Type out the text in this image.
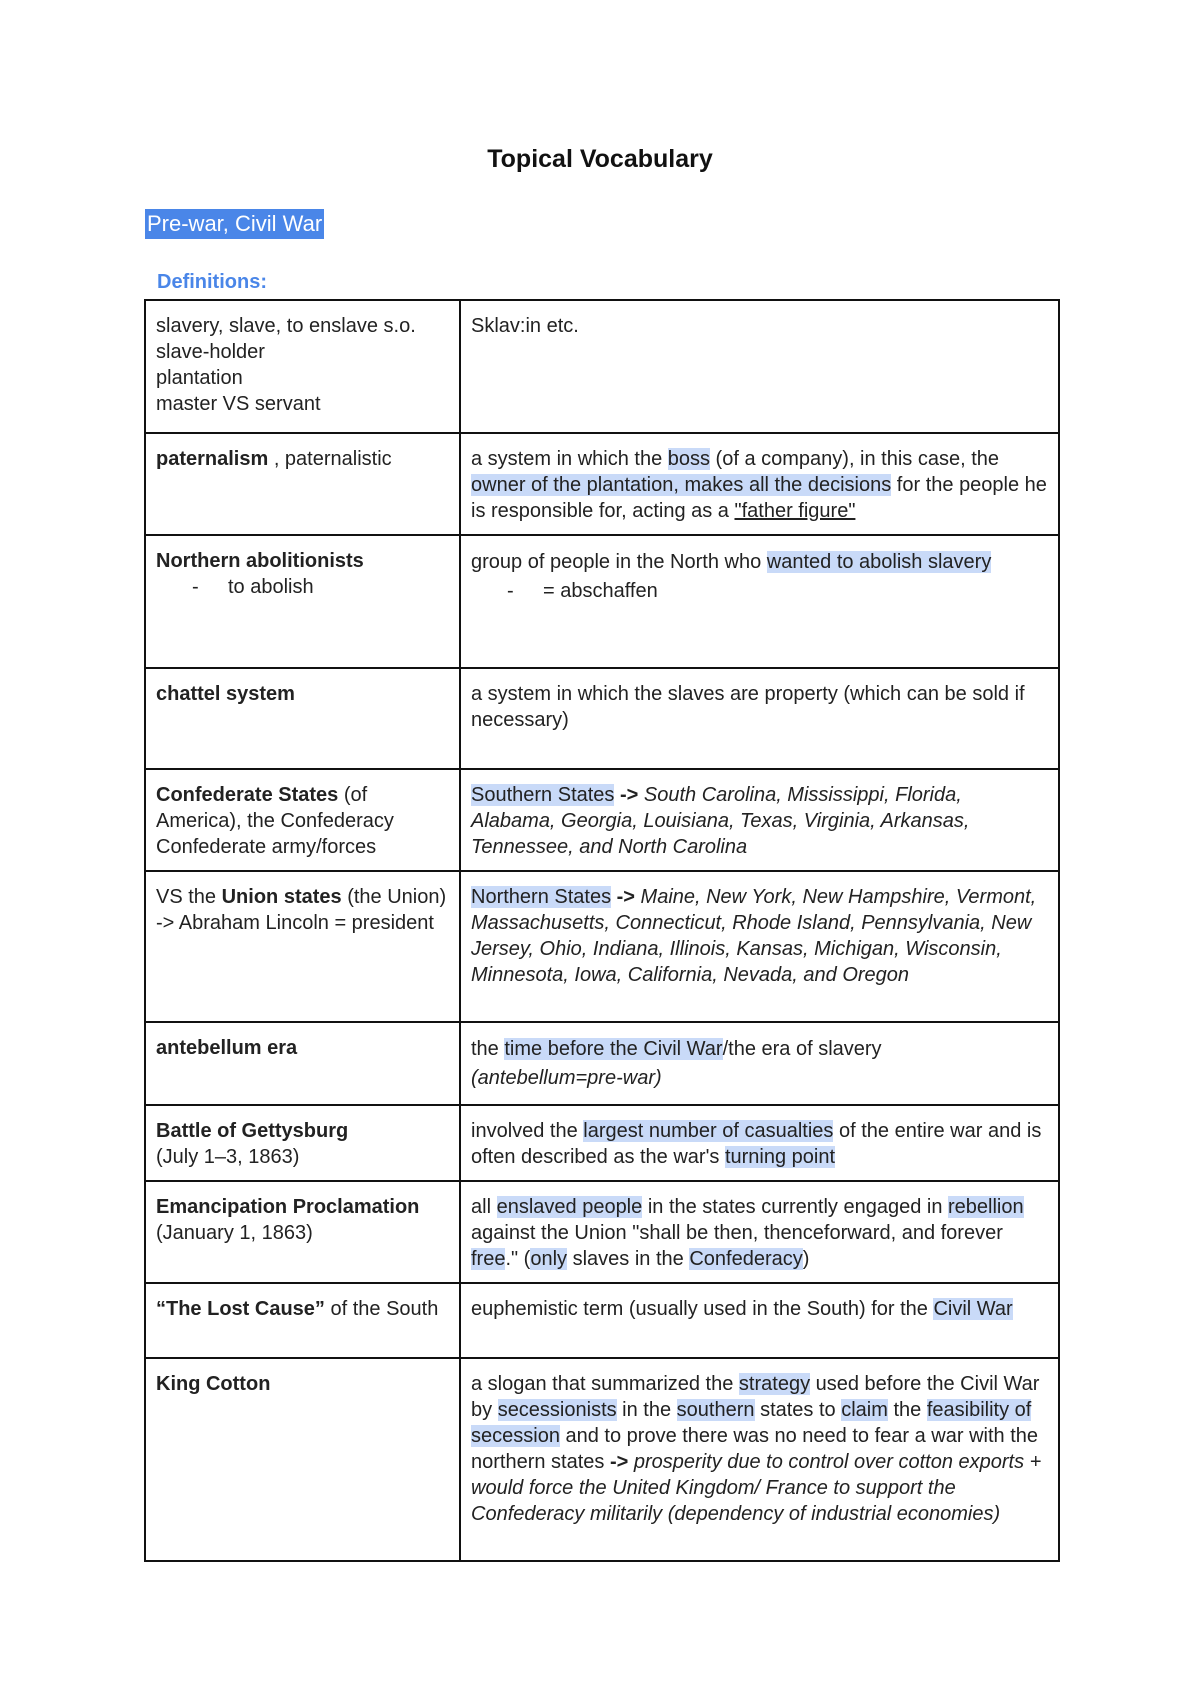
Topical Vocabulary
Pre-war, Civil War
Definitions:
slavery, slave, to enslave s.o.
slave-holder
plantation
master VS servant	Sklav:in etc.
paternalism , paternalistic	a system in which the boss (of a company), in this case, the owner of the plantation, makes all the decisions for the people he is responsible for, acting as a "father figure"

Northern abolitionists
- to abolish	group of people in the North who wanted to abolish slavery
- = abschaffen

chattel system	a system in which the slaves are property (which can be sold if necessary)

Confederate States (of America), the Confederacy
Confederate army/forces	Southern States -> South Carolina, Mississippi, Florida, Alabama, Georgia, Louisiana, Texas, Virginia, Arkansas, Tennessee, and North Carolina
VS the Union states (the Union) -> Abraham Lincoln = president	Northern States -> Maine, New York, New Hampshire, Vermont, Massachusetts, Connecticut, Rhode Island, Pennsylvania, New Jersey, Ohio, Indiana, Illinois, Kansas, Michigan, Wisconsin, Minnesota, Iowa, California, Nevada, and Oregon
antebellum era	the time before the Civil War/the era of slavery
(antebellum=pre-war)

Battle of Gettysburg
(July 1–3, 1863)	involved the largest number of casualties of the entire war and is often described as the war's turning point

Emancipation Proclamation
(January 1, 1863)	all enslaved people in the states currently engaged in rebellion against the Union "shall be then, thenceforward, and forever free." (only slaves in the Confederacy)
“The Lost Cause” of the South	euphemistic term (usually used in the South) for the Civil War
King Cotton	a slogan that summarized the strategy used before the Civil War by secessionists in the southern states to claim the feasibility of secession and to prove there was no need to fear a war with the northern states -> prosperity due to control over cotton exports + would force the United Kingdom/ France to support the Confederacy militarily (dependency of industrial economies)
